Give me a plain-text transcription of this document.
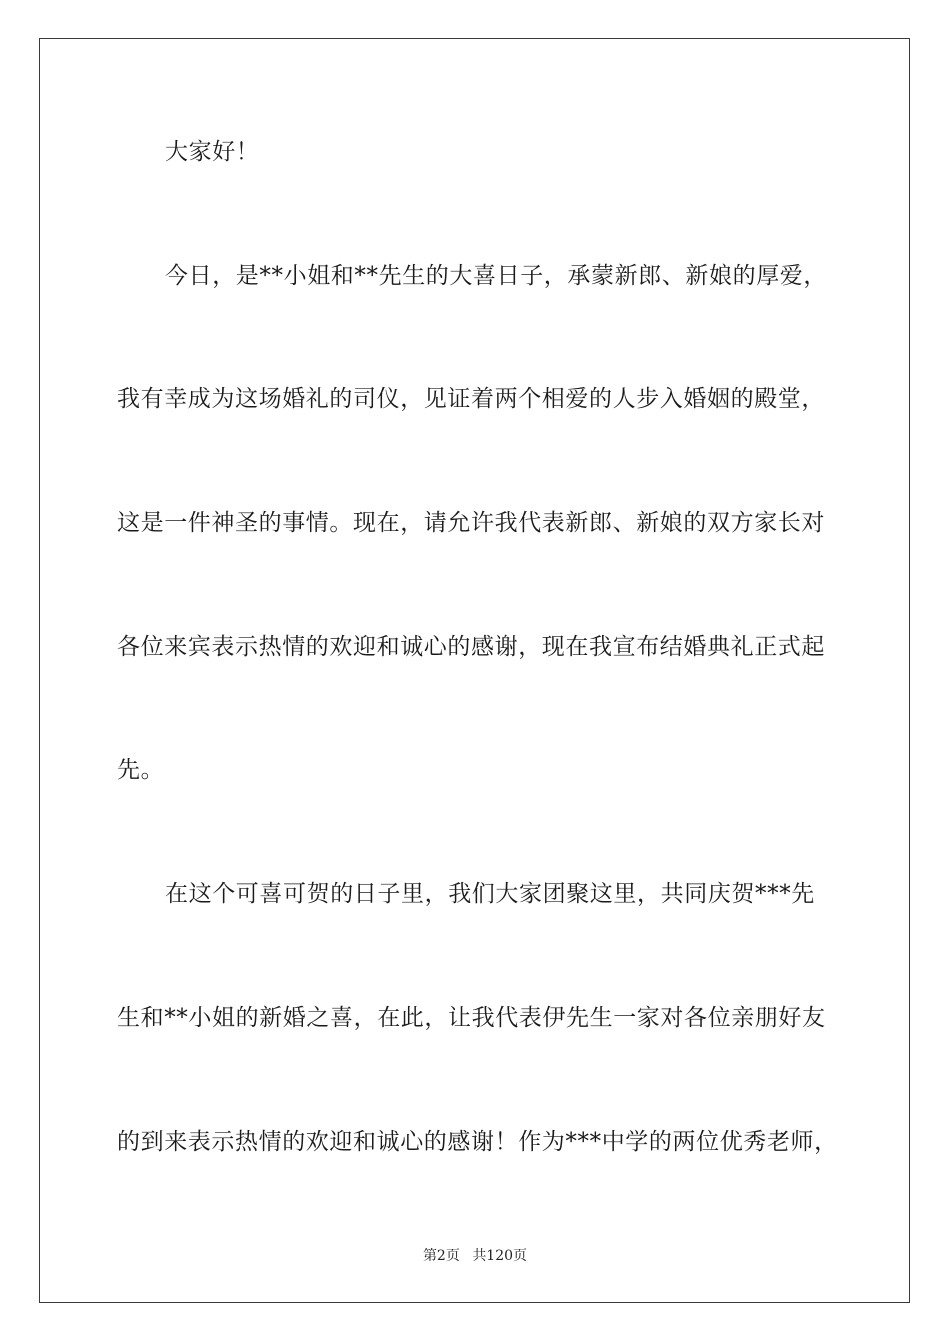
大家好！
今日，是**小姐和**先生的大喜日子，承蒙新郎、新娘的厚爱，
我有幸成为这场婚礼的司仪，见证着两个相爱的人步入婚姻的殿堂，
这是一件神圣的事情。现在，请允许我代表新郎、新娘的双方家长对
各位来宾表示热情的欢迎和诚心的感谢，现在我宣布结婚典礼正式起
先。
在这个可喜可贺的日子里，我们大家团聚这里，共同庆贺***先
生和**小姐的新婚之喜，在此，让我代表伊先生一家对各位亲朋好友
的到来表示热情的欢迎和诚心的感谢！作为***中学的两位优秀老师，
第2页 共120页
